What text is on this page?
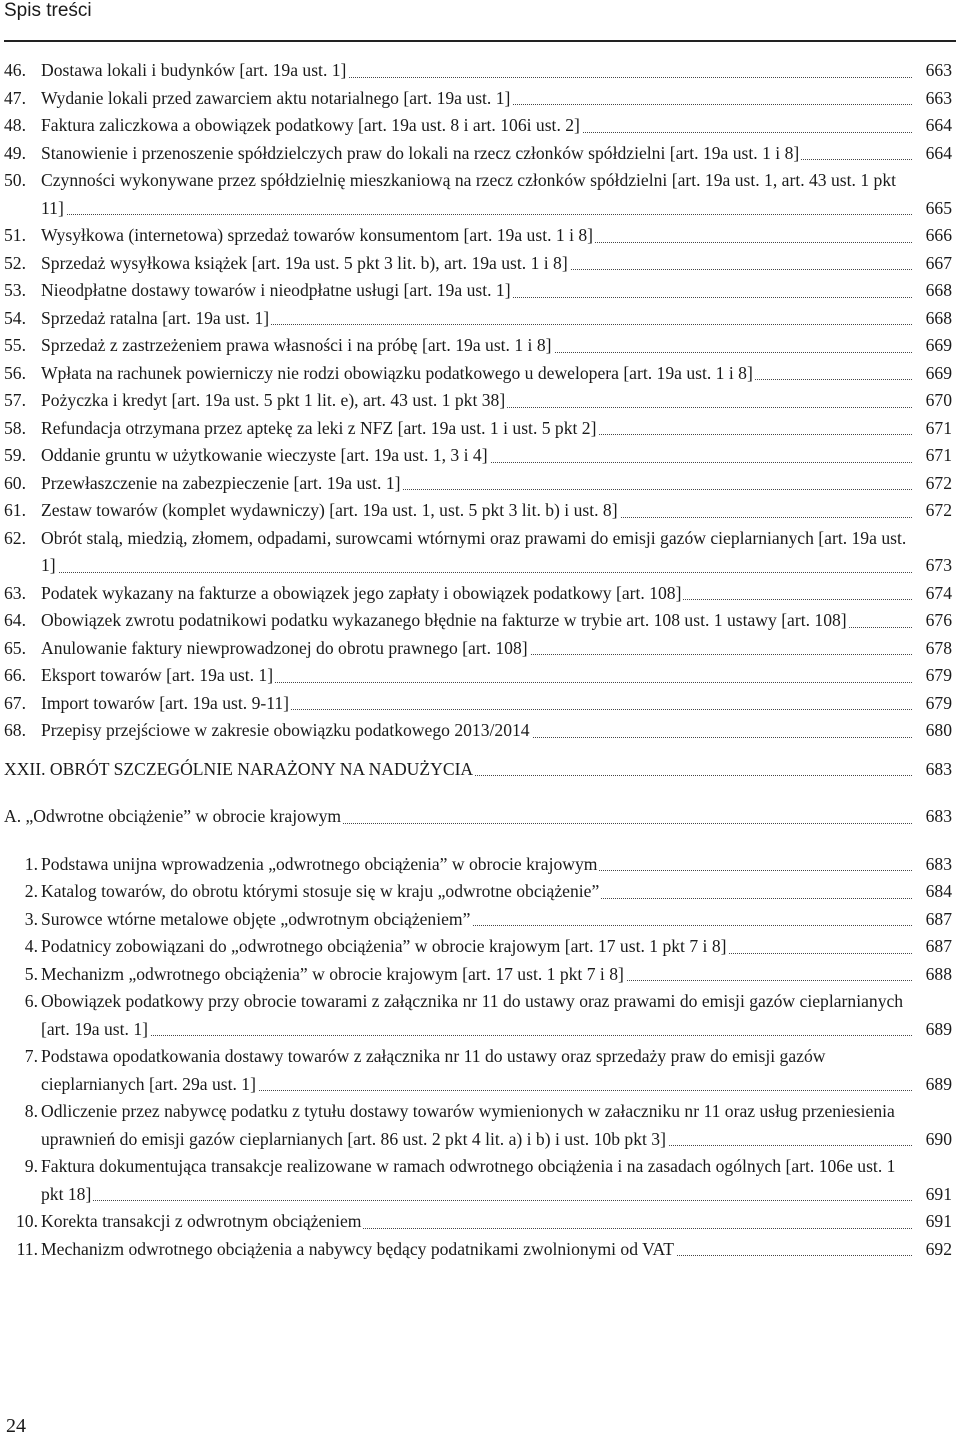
Spis treści
46. Dostawa lokali i budynków [art. 19a ust. 1]	663
47. Wydanie lokali przed zawarciem aktu notarialnego [art. 19a ust. 1]	663
48. Faktura zaliczkowa a obowiązek podatkowy [art. 19a ust. 8 i art. 106i ust. 2]	664
49. Stanowienie i przenoszenie spółdzielczych praw do lokali na rzecz członków spółdzielni [art. 19a ust. 1 i 8]	664
50. Czynności wykonywane przez spółdzielnię mieszkaniową na rzecz członków spółdzielni [art. 19a ust. 1, art. 43 ust. 1 pkt 11]	665
51. Wysyłkowa (internetowa) sprzedaż towarów konsumentom [art. 19a ust. 1 i 8]	666
52. Sprzedaż wysyłkowa książek [art. 19a ust. 5 pkt 3 lit. b), art. 19a ust. 1 i 8]	667
53. Nieodpłatne dostawy towarów i nieodpłatne usługi [art. 19a ust. 1]	668
54. Sprzedaż ratalna [art. 19a ust. 1]	668
55. Sprzedaż z zastrzeżeniem prawa własności i na próbę [art. 19a ust. 1 i 8]	669
56. Wpłata na rachunek powierniczy nie rodzi obowiązku podatkowego u dewelopera [art. 19a ust. 1 i 8]	669
57. Pożyczka i kredyt [art. 19a ust. 5 pkt 1 lit. e), art. 43 ust. 1 pkt 38]	670
58. Refundacja otrzymana przez aptekę za leki z NFZ [art. 19a ust. 1 i ust. 5 pkt 2]	671
59. Oddanie gruntu w użytkowanie wieczyste [art. 19a ust. 1, 3 i 4]	671
60. Przewłaszczenie na zabezpieczenie [art. 19a ust. 1]	672
61. Zestaw towarów (komplet wydawniczy) [art. 19a ust. 1, ust. 5 pkt 3 lit. b) i ust. 8]	672
62. Obrót stalą, miedzią, złomem, odpadami, surowcami wtórnymi oraz prawami do emisji gazów cieplarnianych [art. 19a ust. 1]	673
63. Podatek wykazany na fakturze a obowiązek jego zapłaty i obowiązek podatkowy [art. 108]	674
64. Obowiązek zwrotu podatnikowi podatku wykazanego błędnie na fakturze w trybie art. 108 ust. 1 ustawy [art. 108]	676
65. Anulowanie faktury niewprowadzonej do obrotu prawnego [art. 108]	678
66. Eksport towarów [art. 19a ust. 1]	679
67. Import towarów [art. 19a ust. 9-11]	679
68. Przepisy przejściowe w zakresie obowiązku podatkowego 2013/2014	680
XXII. OBRÓT SZCZEGÓLNIE NARAŻONY NA NADUŻYCIA	683
A. „Odwrotne obciążenie” w obrocie krajowym	683
1. Podstawa unijna wprowadzenia „odwrotnego obciążenia” w obrocie krajowym	683
2. Katalog towarów, do obrotu którymi stosuje się w kraju „odwrotne obciążenie”	684
3. Surowce wtórne metalowe objęte „odwrotnym obciążeniem”	687
4. Podatnicy zobowiązani do „odwrotnego obciążenia” w obrocie krajowym [art. 17 ust. 1 pkt 7 i 8]	687
5. Mechanizm „odwrotnego obciążenia” w obrocie krajowym [art. 17 ust. 1 pkt 7 i 8]	688
6. Obowiązek podatkowy przy obrocie towarami z załącznika nr 11 do ustawy oraz prawami do emisji gazów cieplarnianych [art. 19a ust. 1]	689
7. Podstawa opodatkowania dostawy towarów z załącznika nr 11 do ustawy oraz sprzedaży praw do emisji gazów cieplarnianych [art. 29a ust. 1]	689
8. Odliczenie przez nabywcę podatku z tytułu dostawy towarów wymienionych w załaczniku nr 11 oraz usług przeniesienia uprawnień do emisji gazów cieplarnianych [art. 86 ust. 2 pkt 4 lit. a) i b) i ust. 10b pkt 3]	690
9. Faktura dokumentująca transakcje realizowane w ramach odwrotnego obciążenia i na zasadach ogólnych [art. 106e ust. 1 pkt 18]	691
10. Korekta transakcji z odwrotnym obciążeniem	691
11. Mechanizm odwrotnego obciążenia a nabywcy będący podatnikami zwolnionymi od VAT	692
24
